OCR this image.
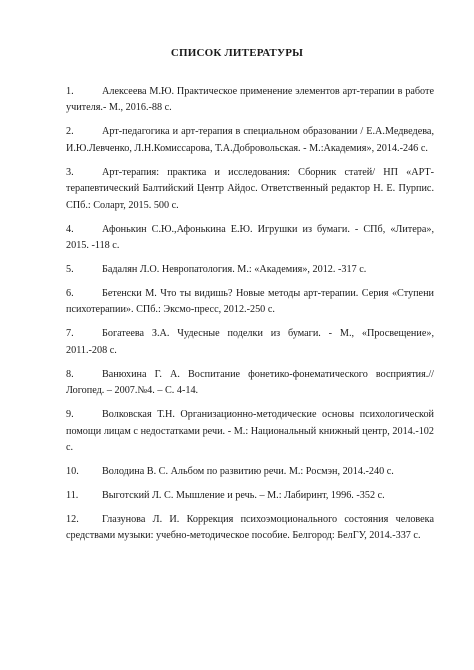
СПИСОК ЛИТЕРАТУРЫ
1.	Алексеева М.Ю. Практическое применение элементов арт-терапии в работе учителя.- М., 2016.-88 с.
2.	Арт-педагогика и арт-терапия в специальном образовании / Е.А.Медведева, И.Ю.Левченко, Л.Н.Комиссарова, Т.А.Добровольская. - М.:Академия», 2014.-246 с.
3.	Арт-терапия: практика и исследования: Сборник статей/ НП «АРТ-терапевтический Балтийский Центр Айдос. Ответственный редактор Н. Е. Пурпис. СПб.: Соларт, 2015. 500 с.
4.	Афонькин С.Ю.,Афонькина Е.Ю. Игрушки из бумаги. - СПб, «Литера», 2015. -118 с.
5.	Бадалян Л.О. Невропатология. М.: «Академия», 2012. -317 с.
6.	Бетенски М. Что ты видишь? Новые методы арт-терапии. Серия «Ступени психотерапии». СПб.: Эксмо-пресс, 2012.-250 с.
7.	Богатеева З.А. Чудесные поделки из бумаги. - М., «Просвещение», 2011.-208 с.
8.	Ванюхина Г. А. Воспитание фонетико-фонематического восприятия.// Логопед. – 2007.№4. – С. 4-14.
9.	Волковская Т.Н. Организационно-методические основы психологической помощи лицам с недостатками речи. - М.: Национальный книжный центр, 2014.-102 с.
10. Володина В. С. Альбом по развитию речи. М.: Росмэн, 2014.-240 с.
11. Выготский Л. С. Мышление и речь. – М.: Лабиринт, 1996. -352 с.
12. Глазунова Л. И. Коррекция психоэмоционального состояния человека средствами музыки: учебно-методическое пособие. Белгород: БелГУ, 2014.-337 с.
